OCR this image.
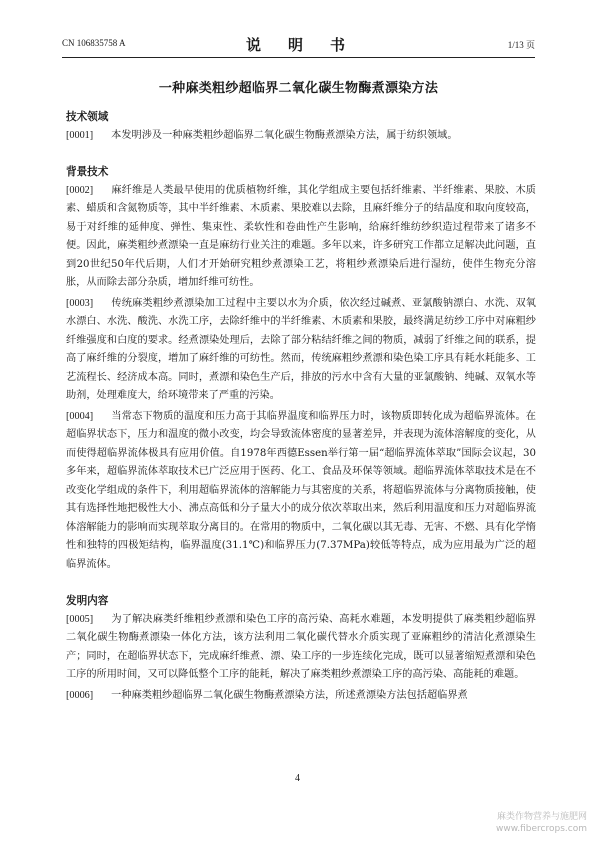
CN 106835758 A	说　明　书	1/13 页
一种麻类粗纱超临界二氧化碳生物酶煮漂染方法

技术领域

[0001] 本发明涉及一种麻类粗纱超临界二氧化碳生物酶煮漂染方法，属于纺织领域。

背景技术

[0002] 麻纤维是人类最早使用的优质植物纤维，其化学组成主要包括纤维素、半纤维素、果胶、木质素、蜡质和含氮物质等，其中半纤维素、木质素、果胶难以去除，且麻纤维分子的结晶度和取向度较高，易于对纤维的延伸度、弹性、集束性、柔软性和卷曲性产生影响，给麻纤维纺纱织造过程带来了诸多不便。因此，麻类粗纱煮漂染一直是麻纺行业关注的难题。多年以来，许多研究工作都立足解决此问题，直到20世纪50年代后期，人们才开始研究粗纱煮漂染工艺，将粗纱煮漂染后进行湿纺，使伴生物充分溶胀，从而除去部分杂质，增加纤维可纺性。

[0003] 传统麻类粗纱煮漂染加工过程中主要以水为介质，依次经过碱煮、亚氯酸钠漂白、水洗、双氧水漂白、水洗、酸洗、水洗工序，去除纤维中的半纤维素、木质素和果胶，最终满足纺纱工序中对麻粗纱纤维强度和白度的要求。经煮漂染处理后，去除了部分粘结纤维之间的物质，减弱了纤维之间的联系，提高了麻纤维的分裂度，增加了麻纤维的可纺性。然而，传统麻粗纱煮漂和染色染工序具有耗水耗能多、工艺流程长、经济成本高。同时，煮漂和染色生产后，排放的污水中含有大量的亚氯酸钠、纯碱、双氧水等助剂，处理难度大，给环境带来了严重的污染。

[0004] 当常态下物质的温度和压力高于其临界温度和临界压力时，该物质即转化成为超临界流体。在超临界状态下，压力和温度的微小改变，均会导致流体密度的显著差异，并表现为流体溶解度的变化，从而使得超临界流体极具有应用价值。自1978年西德Essen举行第一届“超临界流体萃取”国际会议起，30多年来，超临界流体萃取技术已广泛应用于医药、化工、食品及环保等领域。超临界流体萃取技术是在不改变化学组成的条件下，利用超临界流体的溶解能力与其密度的关系，将超临界流体与分离物质接触，使其有选择性地把极性大小、沸点高低和分子量大小的成分依次萃取出来，然后利用温度和压力对超临界流体溶解能力的影响而实现萃取分离目的。在常用的物质中，二氧化碳以其无毒、无害、不燃、具有化学惰性和独特的四极矩结构，临界温度(31.1℃)和临界压力(7.37MPa)较低等特点，成为应用最为广泛的超临界流体。

发明内容

[0005] 为了解决麻类纤维粗纱煮漂和染色工序的高污染、高耗水难题，本发明提供了麻类粗纱超临界二氧化碳生物酶煮漂染一体化方法，该方法利用二氧化碳代替水介质实现了亚麻粗纱的清洁化煮漂染生产；同时，在超临界状态下，完成麻纤维煮、漂、染工序的一步连续化完成，既可以显著缩短煮漂和染色工序的所用时间，又可以降低整个工序的能耗，解决了麻类粗纱煮漂染工序的高污染、高能耗的难题。

[0006] 一种麻类粗纱超临界二氧化碳生物酶煮漂染方法，所述煮漂染方法包括超临界煮

4
麻类作物营养与施肥网
www.fibercrops.com
